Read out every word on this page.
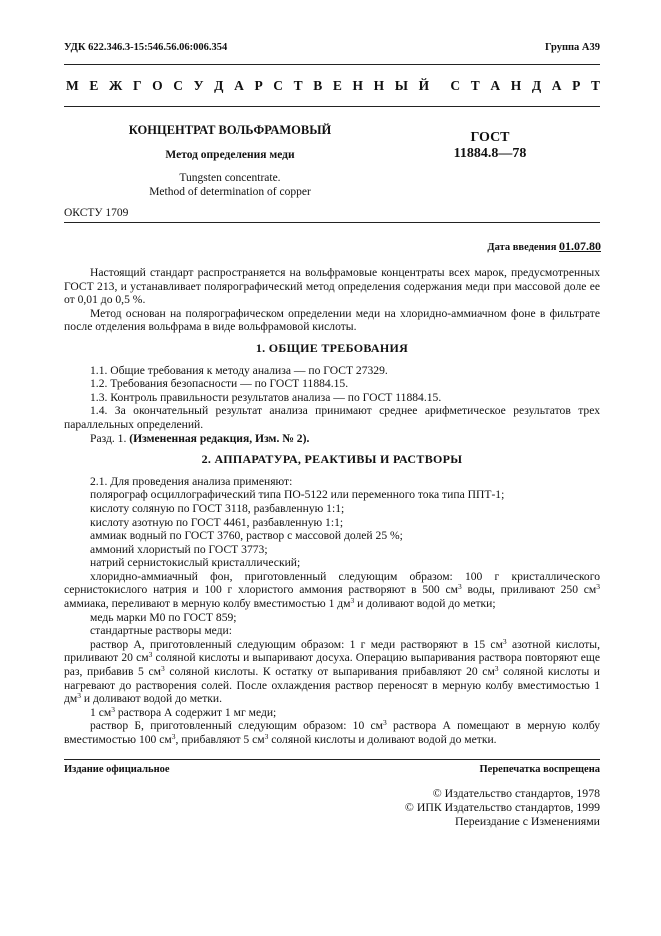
УДК 622.346.3-15:546.56.06:006.354	Группа А39
М Е Ж Г О С У Д А Р С Т В Е Н Н Ы Й С Т А Н Д А Р Т
КОНЦЕНТРАТ ВОЛЬФРАМОВЫЙ
Метод определения меди
Tungsten concentrate.
Method of determination of copper
ГОСТ
11884.8—78
ОКСТУ 1709
Дата введения 01.07.80

Настоящий стандарт распространяется на вольфрамовые концентраты всех марок, предусмотренных ГОСТ 213, и устанавливает полярографический метод определения содержания меди при массовой доле ее от 0,01 до 0,5 %.

Метод основан на полярографическом определении меди на хлоридно-аммиачном фоне в фильтрате после отделения вольфрама в виде вольфрамовой кислоты.

1. ОБЩИЕ ТРЕБОВАНИЯ

1.1. Общие требования к методу анализа — по ГОСТ 27329.

1.2. Требования безопасности — по ГОСТ 11884.15.

1.3. Контроль правильности результатов анализа — по ГОСТ 11884.15.

1.4. За окончательный результат анализа принимают среднее арифметическое результатов трех параллельных определений.

Разд. 1. (Измененная редакция, Изм. № 2).

2. АППАРАТУРА, РЕАКТИВЫ И РАСТВОРЫ

2.1. Для проведения анализа применяют:

полярограф осциллографический типа ПО-5122 или переменного тока типа ППТ-1;

кислоту соляную по ГОСТ 3118, разбавленную 1:1;

кислоту азотную по ГОСТ 4461, разбавленную 1:1;

аммиак водный по ГОСТ 3760, раствор с массовой долей 25 %;

аммоний хлористый по ГОСТ 3773;

натрий сернистокислый кристаллический;

хлоридно-аммиачный фон, приготовленный следующим образом: 100 г кристаллического сернистокислого натрия и 100 г хлористого аммония растворяют в 500 $см^3$ воды, приливают 250 $см^3$ аммиака, переливают в мерную колбу вместимостью 1 $дм^3$ и доливают водой до метки;

медь марки М0 по ГОСТ 859;

стандартные растворы меди:

раствор А, приготовленный следующим образом: 1 г меди растворяют в 15 $см^3$ азотной кислоты, приливают 20 $см^3$ соляной кислоты и выпаривают досуха. Операцию выпаривания раствора повторяют еще раз, прибавив 5 $см^3$ соляной кислоты. К остатку от выпаривания прибавляют 20 $см^3$ соляной кислоты и нагревают до растворения солей. После охлаждения раствор переносят в мерную колбу вместимостью 1 $дм^3$ и доливают водой до метки.

1 $см^3$ раствора А содержит 1 мг меди;

раствор Б, приготовленный следующим образом: 10 $см^3$ раствора А помещают в мерную колбу вместимостью 100 $см^3$, прибавляют 5 $см^3$ соляной кислоты и доливают водой до метки.

Издание официальное	Перепечатка воспрещена
© Издательство стандартов, 1978
© ИПК Издательство стандартов, 1999
Переиздание с Изменениями
